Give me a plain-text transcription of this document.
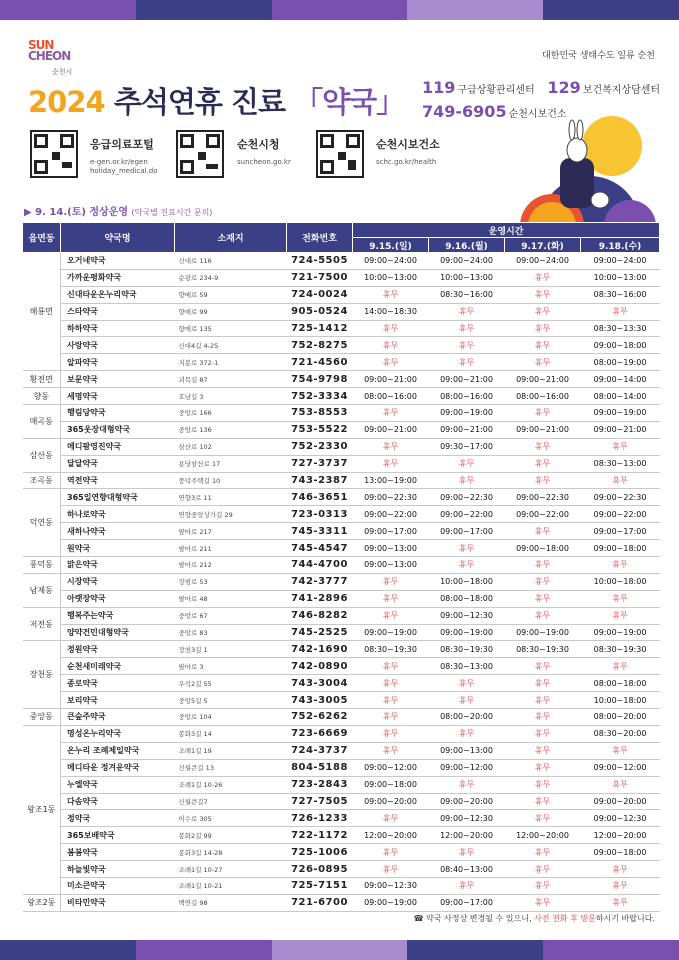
SUN
CHEON
순천시
대한민국 생태수도 일류 순천
2024 추석연휴 진료 「약국」 119 구급상황관리센터 129 보건복지상담센터
749-6905 순천시보건소
응급의료포털
e-gen.or.kr/egen
holiday_medical.do
순천시청
suncheon.go.kr
순천시보건소
schc.go.kr/health
▶ 9. 14.(토) 정상운영 (약국별 진료시간 문의)
읍면동	약국명	소재지	전화번호	운영시간			
				9.15.(일)	9.16.(월)	9.17.(화)	9.18.(수)
해룡면	오거네약국	신대로 116	724-5505	09:00~24:00	09:00~24:00	09:00~24:00	09:00~24:00
	가까운평화약국	순광로 234-9	721-7500	10:00~13:00	10:00~13:00	휴무	10:00~13:00
	신대타운온누리약국	향매로 59	724-0024	휴무	08:30~16:00	휴무	08:30~16:00
	스타약국	향매로 99	905-0524	14:00~18:30	휴무	휴무	휴무
	하하약국	향매로 135	725-1412	휴무	휴무	휴무	08:30~13:30
	사랑약국	신대4길 4-25	752-8275	휴무	휴무	휴무	09:00~18:00
	알파약국	지봉로 372-1	721-4560	휴무	휴무	휴무	08:00~19:00
황전면	보문약국	괴목길 87	754-9798	09:00~21:00	09:00~21:00	09:00~21:00	09:00~14:00
향동	세명약국	호남길 3	752-3334	08:00~16:00	08:00~16:00	08:00~16:00	08:00~14:00
매곡동	행림당약국	중앙로 166	753-8553	휴무	09:00~19:00	휴무	09:00~19:00
	365웃장대형약국	중앙로 136	753-5522	09:00~21:00	09:00~21:00	09:00~21:00	09:00~21:00
삼산동	메디팜영진약국	삼산로 102	752-2330	휴무	09:30~17:00	휴무	휴무
	달달약국	용당삼산로 17	727-3737	휴무	휴무	휴무	08:30~13:00
조곡동	역전약국	풍덕주택길 10	743-2387	13:00~19:00	휴무	휴무	휴무
덕연동	365일연향대형약국	연향3로 11	746-3651	09:00~22:30	09:00~22:30	09:00~22:30	09:00~22:30
	하나로약국	연향중앙상가길 29	723-0313	09:00~22:00	09:00~22:00	09:00~22:00	09:00~22:00
	새하나약국	팔마로 217	745-3311	09:00~17:00	09:00~17:00	휴무	09:00~17:00
	원약국	팔마로 211	745-4547	09:00~13:00	휴무	09:00~18:00	09:00~18:00
풍덕동	맑은약국	팔마로 212	744-4700	09:00~13:00	휴무	휴무	휴무
남제동	시장약국	장평로 53	742-3777	휴무	10:00~18:00	휴무	10:00~18:00
	아랫장약국	팔마로 48	741-2896	휴무	08:00~18:00	휴무	휴무
저전동	행복주는약국	중앙로 67	746-8282	휴무	09:00~12:30	휴무	휴무
	양약건민대형약국	중앙로 83	745-2525	09:00~19:00	09:00~19:00	09:00~19:00	09:00~19:00
장천동	정원약국	장천3길 1	742-1690	08:30~19:30	08:30~19:30	08:30~19:30	08:30~19:30
	순천새미래약국	팔마로 3	742-0890	휴무	08:30~13:00	휴무	휴무
	종로약국	우석2길 55	743-3004	휴무	휴무	휴무	08:00~18:00
	보리약국	중앙5길 5	743-3005	휴무	휴무	휴무	10:00~18:00
중앙동	큰숲주약국	중앙로 104	752-6262	휴무	08:00~20:00	휴무	08:00~20:00
왕조1동	명성온누리약국	봉화3길 14	723-6669	휴무	휴무	휴무	08:30~20:00
	온누리 조례제일약국	조례1길 19	724-3737	휴무	09:00~13:00	휴무	휴무
	메디타운 정겨운약국	신월큰길 13	804-5188	09:00~12:00	09:00~12:00	휴무	09:00~12:00
	누엘약국	조례1길 10-26	723-2843	09:00~18:00	휴무	휴무	휴무
	다솜약국	신월큰길7	727-7505	09:00~20:00	09:00~20:00	휴무	09:00~20:00
	정약국	이수로 305	726-1233	휴무	09:00~12:30	휴무	09:00~12:30
	365보배약국	봉화2길 99	722-1172	12:00~20:00	12:00~20:00	12:00~20:00	12:00~20:00
	봄봄약국	봉화3길 14-28	725-1006	휴무	휴무	휴무	09:00~18:00
	하늘빛약국	조례1길 10-27	726-0895	휴무	08:40~13:00	휴무	휴무
	미소큰약국	조례1길 10-21	725-7151	09:00~12:30	휴무	휴무	휴무
왕조2동	비타민약국	백연길 98	721-6700	09:00~19:00	09:00~17:00	휴무	휴무
☎ 약국 사정상 변경될 수 있으니, 사전 전화 후 방문하시기 바랍니다.
